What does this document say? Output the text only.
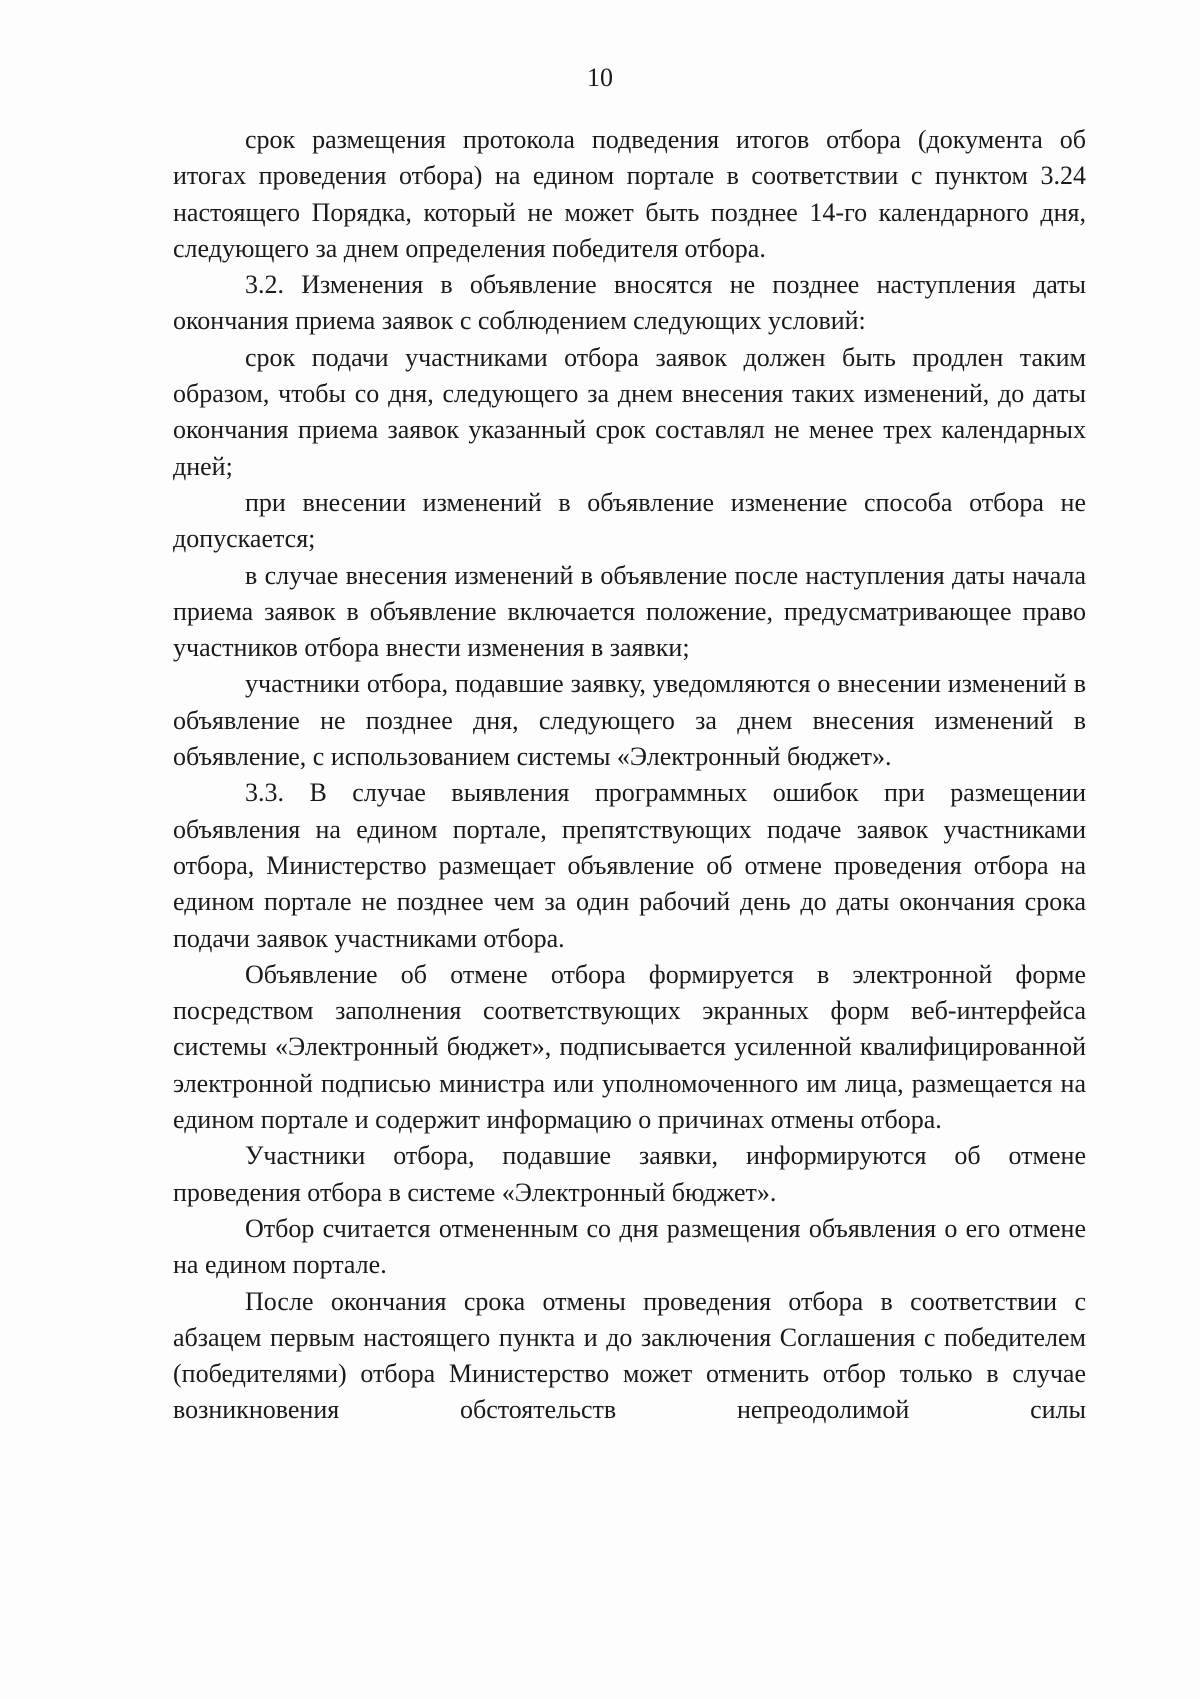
10

срок размещения протокола подведения итогов отбора (документа об итогах проведения отбора) на едином портале в соответствии с пунктом 3.24 настоящего Порядка, который не может быть позднее 14-го календарного дня, следующего за днем определения победителя отбора.

3.2. Изменения в объявление вносятся не позднее наступления даты окончания приема заявок с соблюдением следующих условий:

срок подачи участниками отбора заявок должен быть продлен таким образом, чтобы со дня, следующего за днем внесения таких изменений, до даты окончания приема заявок указанный срок составлял не менее трех календарных дней;

при внесении изменений в объявление изменение способа отбора не допускается;

в случае внесения изменений в объявление после наступления даты начала приема заявок в объявление включается положение, предусматривающее право участников отбора внести изменения в заявки;

участники отбора, подавшие заявку, уведомляются о внесении изменений в объявление не позднее дня, следующего за днем внесения изменений в объявление, с использованием системы «Электронный бюджет».

3.3. В случае выявления программных ошибок при размещении объявления на едином портале, препятствующих подаче заявок участниками отбора, Министерство размещает объявление об отмене проведения отбора на едином портале не позднее чем за один рабочий день до даты окончания срока подачи заявок участниками отбора.

Объявление об отмене отбора формируется в электронной форме посредством заполнения соответствующих экранных форм веб-интерфейса системы «Электронный бюджет», подписывается усиленной квалифицированной электронной подписью министра или уполномоченного им лица, размещается на едином портале и содержит информацию о причинах отмены отбора.

Участники отбора, подавшие заявки, информируются об отмене проведения отбора в системе «Электронный бюджет».

Отбор считается отмененным со дня размещения объявления о его отмене на едином портале.

После окончания срока отмены проведения отбора в соответствии с абзацем первым настоящего пункта и до заключения Соглашения с победителем (победителями) отбора Министерство может отменить отбор только в случае возникновения обстоятельств непреодолимой силы
